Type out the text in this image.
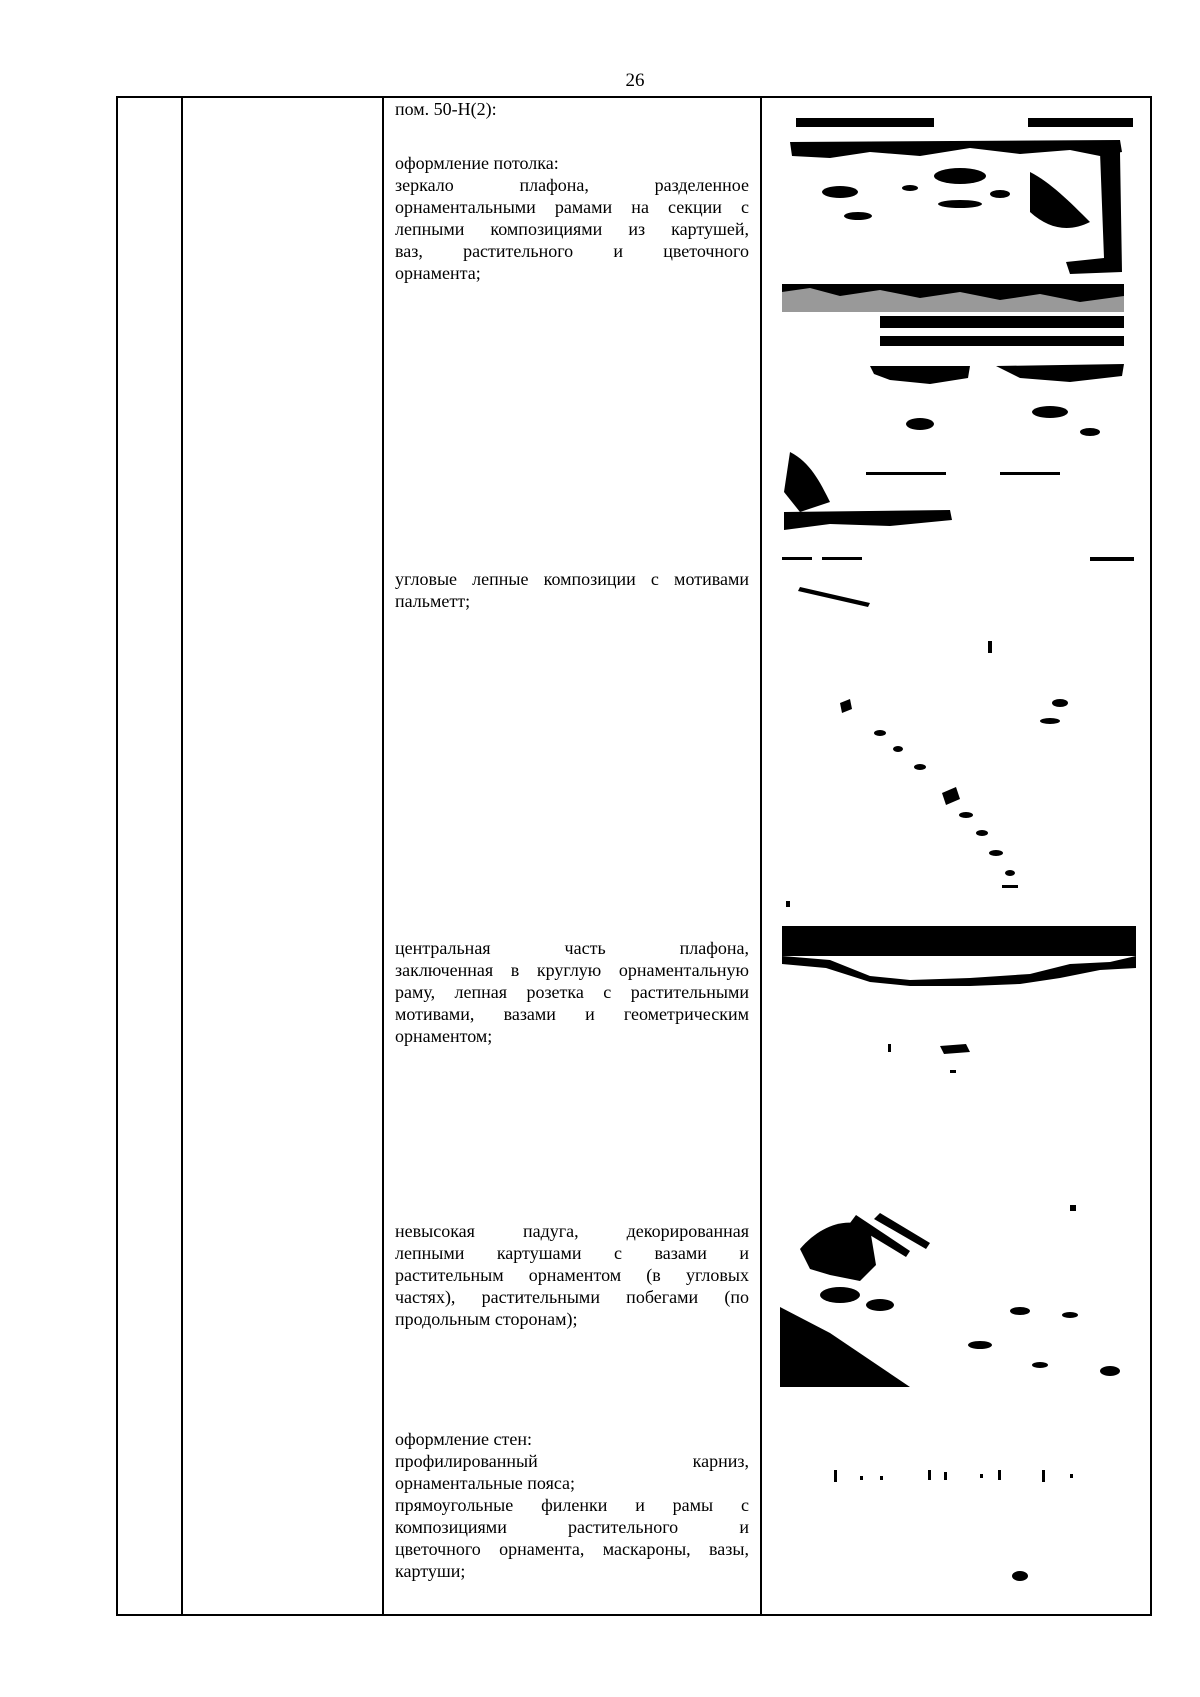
26
пом. 50-Н(2):
оформление потолка:
зеркало плафона, разделенное
орнаментальными рамами на секции с
лепными композициями из картушей,
ваз, растительного и цветочного
орнамента;
угловые лепные композиции с мотивами
пальметт;
центральная часть плафона,
заключенная в круглую орнаментальную
раму, лепная розетка с растительными
мотивами, вазами и геометрическим
орнаментом;
невысокая падуга, декорированная
лепными картушами с вазами и
растительным орнаментом (в угловых
частях), растительными побегами (по
продольным сторонам);
оформление стен:
профилированный карниз,
орнаментальные пояса;
прямоугольные филенки и рамы с
композициями растительного и
цветочного орнамента, маскароны, вазы,
картуши;
